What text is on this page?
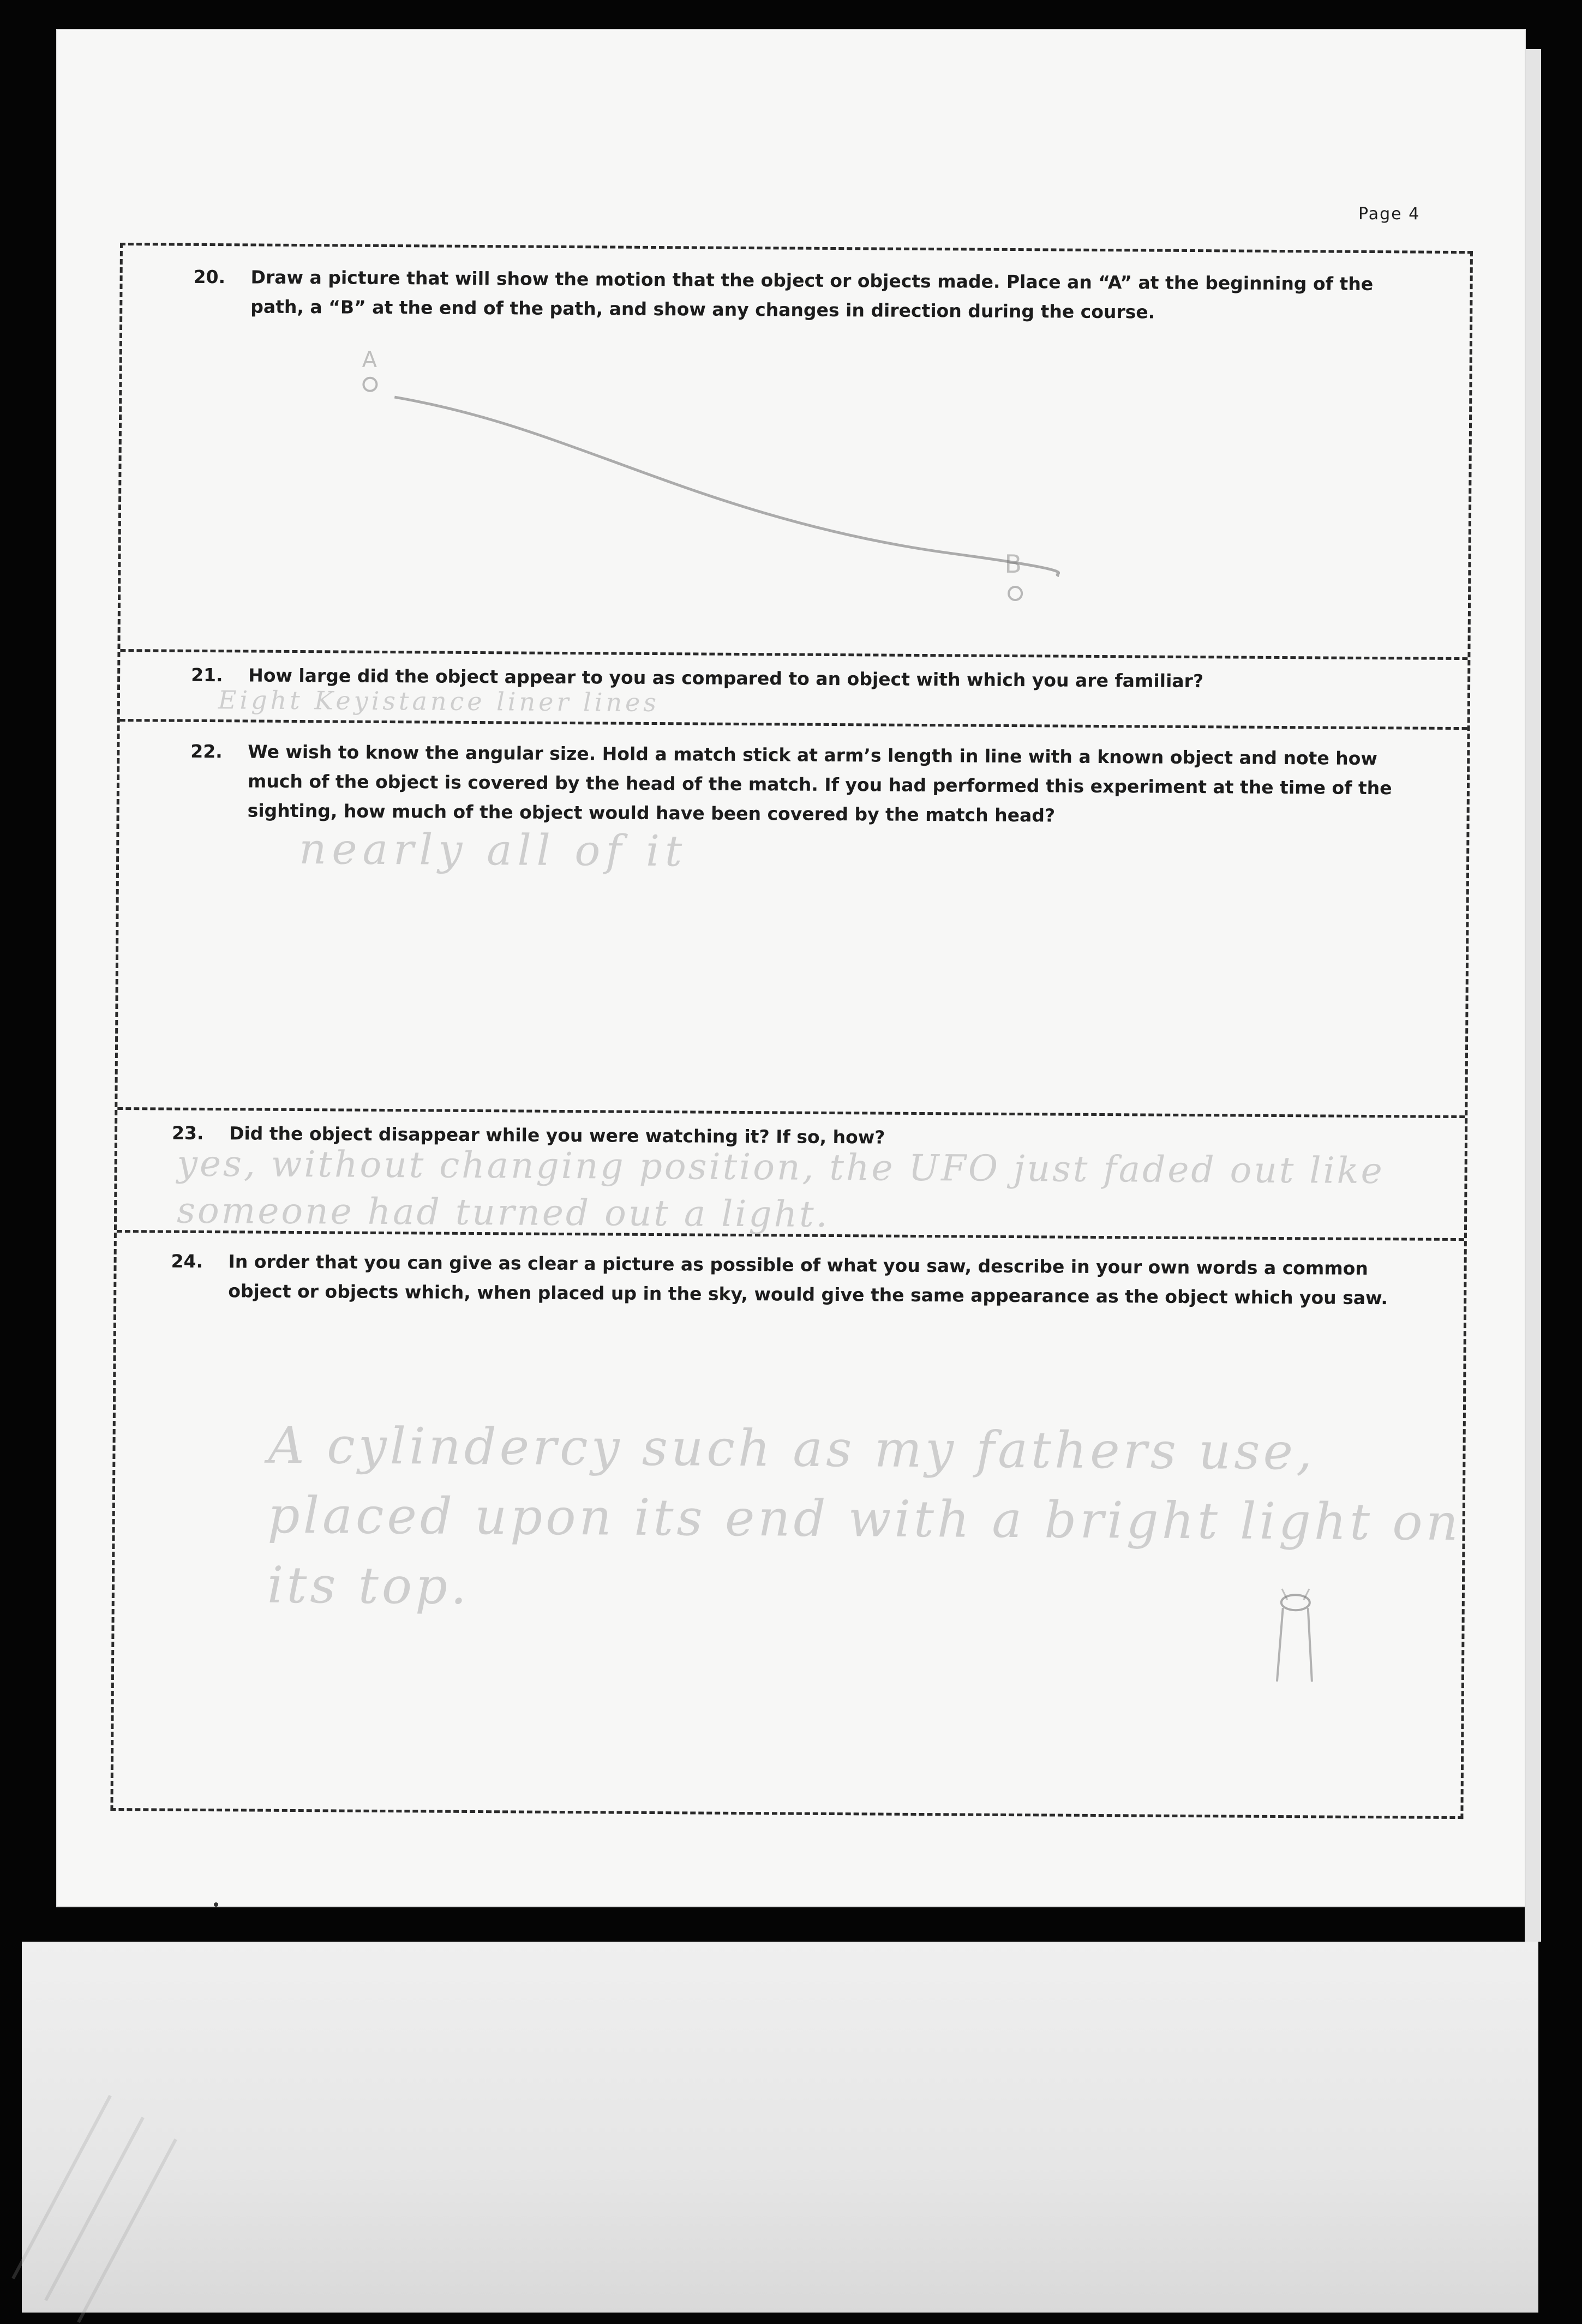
Page 4
20.	Draw a picture that will show the motion that the object or objects made. Place an “A” at the beginning of the path, a “B” at the end of the path, and show any changes in direction during the course.
A
B
21.	How large did the object appear to you as compared to an object with which you are familiar?
Eight Keyistance liner lines
22.	We wish to know the angular size. Hold a match stick at arm’s length in line with a known object and note how much of the object is covered by the head of the match. If you had performed this experiment at the time of the sighting, how much of the object would have been covered by the match head?
nearly all of it
23.	Did the object disappear while you were watching it? If so, how?
yes, without changing position, the UFO just faded out like someone had turned out a light.
24.	In order that you can give as clear a picture as possible of what you saw, describe in your own words a common object or objects which, when placed up in the sky, would give the same appearance as the object which you saw.
A cylindercy such as my fathers use, placed upon its end with a bright light on its top.
